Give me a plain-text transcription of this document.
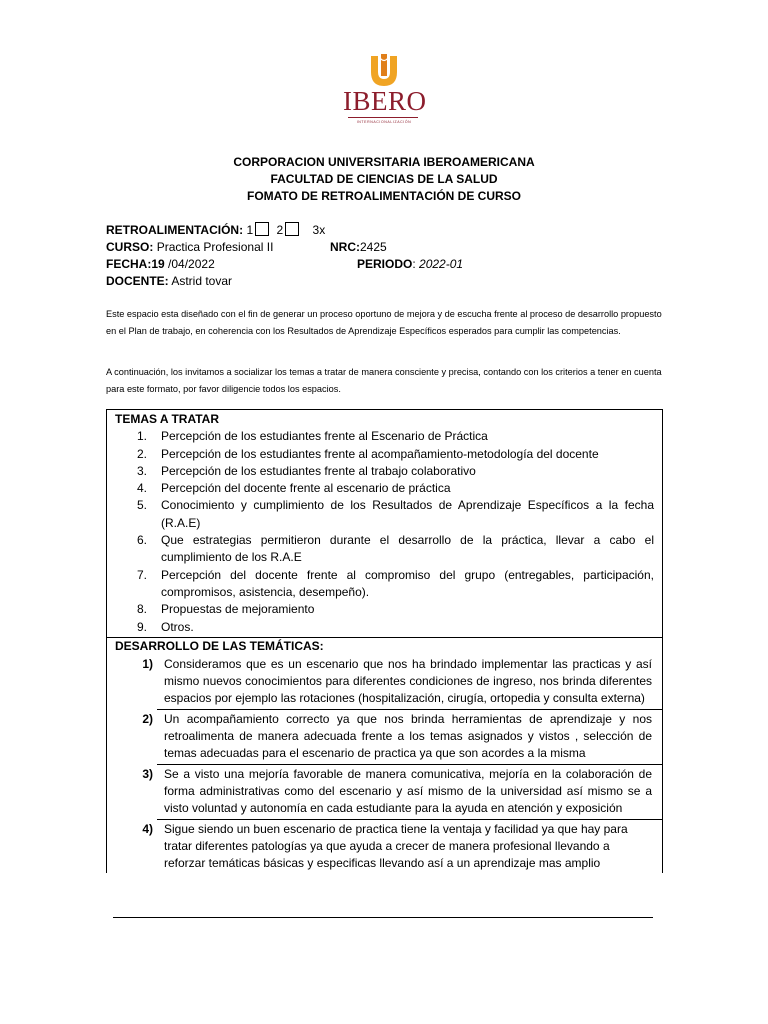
IBERO
INTERNACIONALIZACIÓN
CORPORACION UNIVERSITARIA IBEROAMERICANA
FACULTAD DE CIENCIAS DE LA SALUD
FOMATO DE RETROALIMENTACIÓN DE CURSO
RETROALIMENTACIÓN: 1 2 3x
CURSO: Practica Profesional II	NRC:2425
FECHA:19 /04/2022	PERIODO: 2022-01
DOCENTE: Astrid tovar
Este espacio esta diseñado con el fin de generar un proceso oportuno de mejora y de escucha frente al proceso de desarrollo propuesto en el Plan de trabajo, en coherencia con los Resultados de Aprendizaje Específicos esperados para cumplir las competencias.
A continuación, los invitamos a socializar los temas a tratar de manera consciente y precisa, contando con los criterios a tener en cuenta para este formato, por favor diligencie todos los espacios.
TEMAS A TRATAR
1.	Percepción de los estudiantes frente al Escenario de Práctica
2.	Percepción de los estudiantes frente al acompañamiento-metodología del docente
3.	Percepción de los estudiantes frente al trabajo colaborativo
4.	Percepción del docente frente al escenario de práctica
5.	Conocimiento y cumplimiento de los Resultados de Aprendizaje Específicos a la fecha (R.A.E)
6.	Que estrategias permitieron durante el desarrollo de la práctica, llevar a cabo el cumplimiento de los R.A.E
7.	Percepción del docente frente al compromiso del grupo (entregables, participación, compromisos, asistencia, desempeño).
8.	Propuestas de mejoramiento
9.	Otros.
DESARROLLO DE LAS TEMÁTICAS:
1) Consideramos que es un escenario que nos ha brindado implementar las practicas y así mismo nuevos conocimientos para diferentes condiciones de ingreso, nos brinda diferentes espacios por ejemplo las rotaciones (hospitalización, cirugía, ortopedia y consulta externa)
2) Un acompañamiento correcto ya que nos brinda herramientas de aprendizaje y nos retroalimenta de manera adecuada frente a los temas asignados y vistos , selección de temas adecuadas para el escenario de practica ya que son acordes a la misma
3) Se a visto una mejoría favorable de manera comunicativa, mejoría en la colaboración de forma administrativas como del escenario y así mismo de la universidad así mismo se a visto voluntad y autonomía en cada estudiante para la ayuda en atención y exposición
4) Sigue siendo un buen escenario de practica tiene la ventaja y facilidad ya que hay para tratar diferentes patologías ya que ayuda a crecer de manera profesional llevando a reforzar temáticas básicas y especificas llevando así a un aprendizaje mas amplio
